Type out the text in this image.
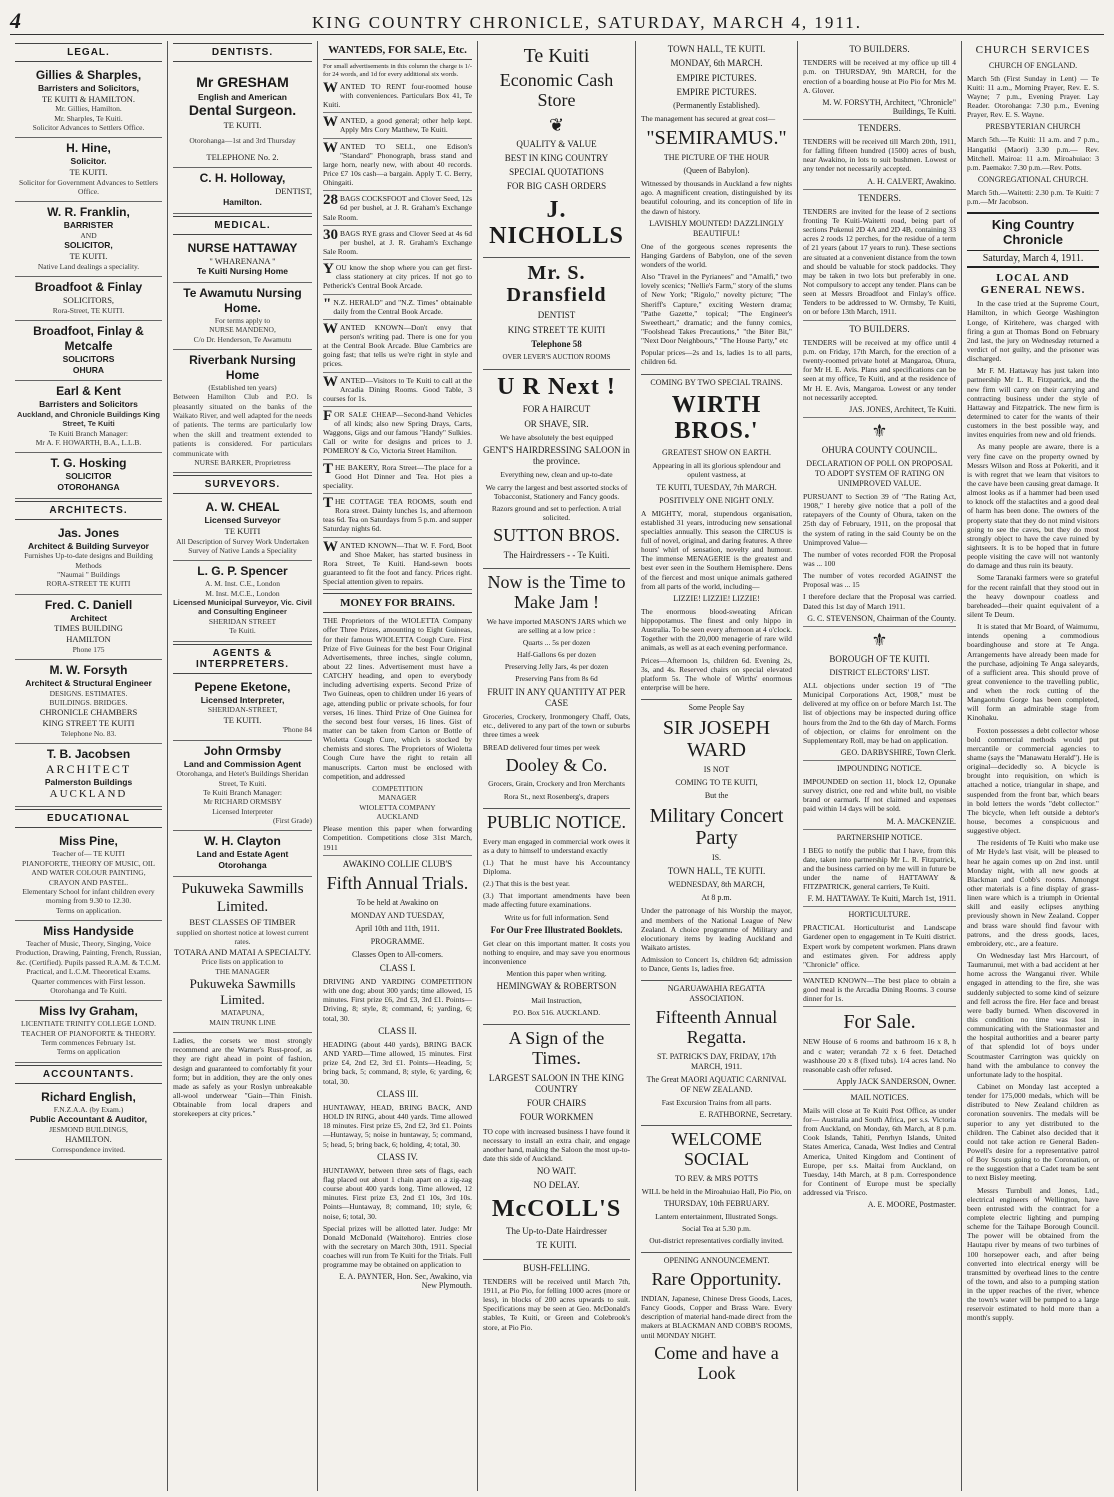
4	KING COUNTRY CHRONICLE, SATURDAY, MARCH 4, 1911.
LEGAL.
Gillies & Sharples,
Barristers and Solicitors,
TE KUITI & HAMILTON.
Mr. Gillies, Hamilton.
Mr. Sharples, Te Kuiti.
Solicitor Advances to Settlers Office.
H. Hine,
Solicitor.
TE KUITI.
Solicitor for Government Advances to Settlers Office.
W. R. Franklin,
BARRISTER
AND
SOLICITOR,
TE KUITI.
Native Land dealings a speciality.
Broadfoot & Finlay
SOLICITORS,
Rora-Street, TE KUITI.
Broadfoot, Finlay & Metcalfe
SOLICITORS
OHURA
Earl & Kent
Barristers and Solicitors
Auckland, and Chronicle Buildings King Street, Te Kuiti
Te Kuiti Branch Manager:
Mr A. F. HOWARTH, B.A., L.L.B.
T. G. Hosking
SOLICITOR
OTOROHANGA
ARCHITECTS.
Jas. Jones
Architect & Building Surveyor
Furnishes Up-to-date designs and Building Methods
"Naumai " Buildings
RORA-STREET TE KUITI
Fred. C. Daniell
Architect
TIMES BUILDING
HAMILTON
Phone 175
M. W. Forsyth
Architect & Structural Engineer
DESIGNS. ESTIMATES.
BUILDINGS. BRIDGES.
CHRONICLE CHAMBERS
KING STREET TE KUITI
Telephone No. 83.
T. B. Jacobsen
ARCHITECT
Palmerston Buildings
AUCKLAND
EDUCATIONAL
Miss Pine,
Teacher of— TE KUITI
PIANOFORTE, THEORY OF MUSIC, OIL AND WATER COLOUR PAINTING, CRAYON AND PASTEL.
Elementary School for infant children every morning from 9.30 to 12.30.
Terms on application.
Miss Handyside
Teacher of Music, Theory, Singing, Voice Production, Drawing, Painting, French, Russian, &c. (Certified). Pupils passed R.A.M. & T.C.M. Practical, and L.C.M. Theoretical Exams. Quarter commences with First lesson. Otorohanga and Te Kuiti.
Miss Ivy Graham,
LICENTIATE TRINITY COLLEGE LOND.
TEACHER OF PIANOFORTE & THEORY.
Term commences February 1st.
Terms on application
ACCOUNTANTS.
Richard English,
F.N.Z.A.A. (by Exam.)
Public Accountant & Auditor,
JESMOND BUILDINGS,
HAMILTON.
Correspondence invited.
DENTISTS.
Mr GRESHAM
English and American
Dental Surgeon.
TE KUITI.
Otorohanga—1st and 3rd Thursday
TELEPHONE No. 2.
C. H. Holloway,
DENTIST,
Hamilton.
MEDICAL.
NURSE HATTAWAY
" WHARENANA "
Te Kuiti Nursing Home
Te Awamutu Nursing Home.
For terms apply to
NURSE MANDENO,
C/o Dr. Henderson, Te Awamutu
Riverbank Nursing Home
(Established ten years)
Between Hamilton Club and P.O. Is pleasantly situated on the banks of the Waikato River, and well adapted for the needs of patients. The terms are particularly low when the skill and treatment extended to patients is considered. For particulars communicate with
NURSE BARKER, Proprietress
SURVEYORS.
A. W. CHEAL
Licensed Surveyor
TE KUITI
All Description of Survey Work Undertaken
Survey of Native Lands a Speciality
L. G. P. Spencer
A. M. Inst. C.E., London
M. Inst. M.C.E., London
Licensed Municipal Surveyor, Vic. Civil and Consulting Engineer
SHERIDAN STREET
Te Kuiti.
AGENTS & INTERPRETERS.
Pepene Eketone,
Licensed Interpreter,
SHERIDAN-STREET,
TE KUITI.
'Phone 84
John Ormsby
Land and Commission Agent
Otorohanga, and Hetet's Buildings Sheridan Street, Te Kuiti.
Te Kuiti Branch Manager:
Mr RICHARD ORMSBY
Licensed Interpreter
(First Grade)
W. H. Clayton
Land and Estate Agent
Otorohanga
Pukuweka Sawmills Limited.
BEST CLASSES OF TIMBER
supplied on shortest notice at lowest current rates.
TOTARA AND MATAI A SPECIALTY.
Price lists on application to
THE MANAGER
Pukuweka Sawmills Limited.
MATAPUNA,
MAIN TRUNK LINE
Ladies, the corsets we most strongly recommend are the Warner's Rust-proof, as they are right ahead in point of fashion, design and guaranteed to comfortably fit your form; but in addition, they are the only ones made as safely as your Roslyn unbreakable all-wool underwear "Gain—Thin Finish. Obtainable from local drapers and storekeepers at city prices."
WANTEDS, FOR SALE, Etc.
For small advertisements in this column the charge is 1/- for 24 words, and 1d for every additional six words.
WANTED TO RENT four-roomed house with conveniences. Particulars Box 41, Te Kuiti.
WANTED, a good general; other help kept. Apply Mrs Cory Matthew, Te Kuiti.
WANTED TO SELL, one Edison's "Standard" Phonograph, brass stand and large horn, nearly new, with about 40 records. Price £7 10s cash—a bargain. Apply T. C. Berry, Ohingaiti.
28 BAGS COCKSFOOT and Clover Seed, 12s 6d per bushel, at J. R. Graham's Exchange Sale Room.
30 BAGS RYE grass and Clover Seed at 4s 6d per bushel, at J. R. Graham's Exchange Sale Room.
YOU know the shop where you can get first-class stationery at city prices. If not go to Petherick's Central Book Arcade.
" N.Z. HERALD" and "N.Z. Times" obtainable daily from the Central Book Arcade.
WANTED KNOWN—Don't envy that person's writing pad. There is one for you at the Central Book Arcade. Blue Cambrics are going fast; that tells us we're right in style and prices.
WANTED—Visitors to Te Kuiti to call at the Arcadia Dining Rooms. Good Table, 3 courses for 1s.
FOR SALE CHEAP—Second-hand Vehicles of all kinds; also new Spring Drays, Carts, Waggons, Gigs and our famous "Handy" Sulkies. Call or write for designs and prices to J. POMEROY & Co, Victoria Street Hamilton.
THE BAKERY, Rora Street—The place for a Good Hot Dinner and Tea. Hot pies a speciality.
THE COTTAGE TEA ROOMS, south end Rora street. Dainty lunches 1s, and afternoon teas 6d. Tea on Saturdays from 5 p.m. and supper Saturday nights 6d.
WANTED KNOWN—That W. F. Ford, Boot and Shoe Maker, has started business in Rora Street, Te Kuiti. Hand-sewn boots guaranteed to fit the foot and fancy. Prices right. Special attention given to repairs.
MONEY FOR BRAINS.
THE Proprietors of the WIOLETTA Company offer Three Prizes, amounting to Eight Guineas, for their famous WIOLETTA Cough Cure. First Prize of Five Guineas for the best Four Original Advertisements, three inches, single column, about 22 lines. Advertisement must have a CATCHY heading, and open to everybody including advertising experts. Second Prize of Two Guineas, open to children under 16 years of age, attending public or private schools, for four verses, 16 lines. Third Prize of One Guinea for the second best four verses, 16 lines. Gist of matter can be taken from Carton or Bottle of Wioletta Cough Cure, which is stocked by chemists and stores. The Proprietors of Wioletta Cough Cure have the right to retain all manuscripts. Carton must be enclosed with competition, and addressed
COMPETITION
MANAGER
WIOLETTA COMPANY
AUCKLAND
Please mention this paper when forwarding Competition. Competitions close 31st March, 1911
AWAKINO COLLIE CLUB'S
Fifth Annual Trials.
To be held at Awakino on
MONDAY AND TUESDAY,
April 10th and 11th, 1911.
PROGRAMME.
Classes Open to All-comers.
CLASS I.
DRIVING AND YARDING COMPETITION with one dog; about 300 yards; time allowed, 15 minutes. First prize £6, 2nd £3, 3rd £1. Points—Driving, 8; style, 8; command, 6; yarding, 6; total, 30.
CLASS II.
HEADING (about 440 yards), BRING BACK AND YARD—Time allowed, 15 minutes. First prize £4, 2nd £2, 3rd £1. Points—Heading, 5; bring back, 5; command, 8; style, 6; yarding, 6; total, 30.
CLASS III.
HUNTAWAY, HEAD, BRING BACK, AND HOLD IN RING, about 440 yards. Time allowed 18 minutes. First prize £5, 2nd £2, 3rd £1. Points—Huntaway, 5; noise in huntaway, 5; command, 5; head, 5; bring back, 6; holding, 4; total, 30.
CLASS IV.
HUNTAWAY, between three sets of flags, each flag placed out about 1 chain apart on a zig-zag course about 400 yards long. Time allowed, 12 minutes. First prize £3, 2nd £1 10s, 3rd 10s. Points—Huntaway, 8; command, 10; style, 6; noise, 6; total, 30.
Special prizes will be allotted later. Judge: Mr Donald McDonald (Waitehoro). Entries close with the secretary on March 30th, 1911. Special coaches will run from Te Kuiti for the Trials. Full programme may be obtained on application to
E. A. PAYNTER, Hon. Sec, Awakino, via New Plymouth.
Te Kuiti
Economic Cash Store
❦
QUALITY & VALUE
BEST IN KING COUNTRY
SPECIAL QUOTATIONS
FOR BIG CASH ORDERS
J. NICHOLLS
Mr. S. Dransfield
DENTIST
KING STREET TE KUITI
Telephone 58
OVER LEVER'S AUCTION ROOMS
U R Next !
FOR A HAIRCUT
OR SHAVE, SIR.
We have absolutely the best equipped
GENT'S HAIRDRESSING SALOON in the province.
Everything new, clean and up-to-date
We carry the largest and best assorted stocks of Tobacconist, Stationery and Fancy goods.
Razors ground and set to perfection. A trial solicited.
SUTTON BROS.
The Hairdressers - - Te Kuiti.
Now is the Time to Make Jam !
We have imported MASON'S JARS which we are selling at a low price :
Quarts ... 5s per dozen
Half-Gallons 6s per dozen
Preserving Jelly Jars, 4s per dozen
Preserving Pans from 8s 6d
FRUIT IN ANY QUANTITY AT PER CASE
Groceries, Crockery, Ironmongery Chaff, Oats, etc., delivered to any part of the town or suburbs three times a week
BREAD delivered four times per week
Dooley & Co.
Grocers, Grain, Crockery and Iron Merchants
Rora St., next Rosenberg's, drapers
PUBLIC NOTICE.
Every man engaged in commercial work owes it as a duty to himself to understand exactly
(1.) That he must have his Accountancy Diploma.
(2.) That this is the best year.
(3.) That important amendments have been made affecting future examinations.
Write us for full information. Send
For Our Free Illustrated Booklets.
Get clear on this important matter. It costs you nothing to enquire, and may save you enormous inconvenience
Mention this paper when writing.
HEMINGWAY & ROBERTSON
Mail Instruction,
P.O. Box 516. AUCKLAND.
A Sign of the Times.
LARGEST SALOON IN THE KING COUNTRY
FOUR CHAIRS
FOUR WORKMEN
TO cope with increased business I have found it necessary to install an extra chair, and engage another hand, making the Saloon the most up-to-date this side of Auckland.
NO WAIT.
NO DELAY.
McCOLL'S
The Up-to-Date Hairdresser
TE KUITI.
BUSH-FELLING.
TENDERS will be received until March 7th, 1911, at Pio Pio, for felling 1000 acres (more or less), in blocks of 200 acres upwards to suit. Specifications may be seen at Geo. McDonald's stables, Te Kuiti, or Green and Colebrook's store, at Pio Pio.
TOWN HALL, TE KUITI.
MONDAY, 6th MARCH.
EMPIRE PICTURES.
EMPIRE PICTURES.
(Permanently Established).
The management has secured at great cost—
"SEMIRAMUS."
THE PICTURE OF THE HOUR
(Queen of Babylon).
Witnessed by thousands in Auckland a few nights ago. A magnificent creation, distinguished by its beautiful colouring, and its conception of life in the dawn of history.
LAVISHLY MOUNTED! DAZZLINGLY BEAUTIFUL!
One of the gorgeous scenes represents the Hanging Gardens of Babylon, one of the seven wonders of the world.
Also "Travel in the Pyrianees" and "Amalfi," two lovely scenics; "Nellie's Farm," story of the slums of New York; "Rigolo," novelty picture; "The Sheriff's Capture," exciting Western drama; "Pathe Gazette," topical; "The Engineer's Sweetheart," dramatic; and the funny comics, "Foolshead Takes Precautions," "the Biter Bit," "Next Door Neighbours," "The House Party," etc
Popular prices—2s and 1s, ladies 1s to all parts, children 6d.
COMING BY TWO SPECIAL TRAINS.
WIRTH BROS.'
GREATEST SHOW ON EARTH.
Appearing in all its glorious splendour and opulent vastness, at
TE KUITI, TUESDAY, 7th MARCH.
POSITIVELY ONE NIGHT ONLY.
A MIGHTY, moral, stupendous organisation, established 31 years, introducing new sensational specialties annually. This season the CIRCUS is full of novel, original, and daring features. A three hours' whirl of sensation, novelty and humour. The immense MENAGERIE is the greatest and best ever seen in the Southern Hemisphere. Dens of the fiercest and most unique animals gathered from all parts of the world, including—
LIZZIE! LIZZIE! LIZZIE!
The enormous blood-sweating African hippopotamus. The finest and only hippo in Australia. To be seen every afternoon at 4 o'clock. Together with the 20,000 menagerie of rare wild animals, as well as at each evening performance.
Prices—Afternoon 1s, children 6d. Evening 2s, 3s, and 4s. Reserved chairs on special elevated platform 5s. The whole of Wirths' enormous enterprise will be here.
Some People Say
SIR JOSEPH WARD
IS NOT
COMING TO TE KUITI,
But the
Military Concert Party
IS.
TOWN HALL, TE KUITI.
WEDNESDAY, 8th MARCH,
At 8 p.m.
Under the patronage of his Worship the mayor, and members of the National League of New Zealand. A choice programme of Military and elocutionary items by leading Auckland and Waikato artistes.
Admission to Concert 1s, children 6d; admission to Dance, Gents 1s, ladies free.
NGARUAWAHIA REGATTA ASSOCIATION.
Fifteenth Annual Regatta.
ST. PATRICK'S DAY, FRIDAY, 17th MARCH, 1911.
The Great MAORI AQUATIC CARNIVAL OF NEW ZEALAND.
Fast Excursion Trains from all parts.
E. RATHBORNE, Secretary.
WELCOME SOCIAL
TO REV. & MRS POTTS
WILL be held in the Miroahuiao Hall, Pio Pio, on
THURSDAY, 10th FEBRUARY.
Lantern entertainment, Illustrated Songs.
Social Tea at 5.30 p.m.
Out-district representatives cordially invited.
OPENING ANNOUNCEMENT.
Rare Opportunity.
INDIAN, Japanese, Chinese Dress Goods, Laces, Fancy Goods, Copper and Brass Ware. Every description of material hand-made direct from the makers at BLACKMAN AND COBB'S ROOMS, until MONDAY NIGHT.
Come and have a Look
TO BUILDERS.
TENDERS will be received at my office up till 4 p.m. on THURSDAY, 9th MARCH, for the erection of a boarding house at Pio Pio for Mrs M. A. Glover.
M. W. FORSYTH, Architect, "Chronicle" Buildings, Te Kuiti.
TENDERS.
TENDERS will be received till March 20th, 1911, for falling fifteen hundred (1500) acres of bush, near Awakino, in lots to suit bushmen. Lowest or any tender not necessarily accepted.
A. H. CALVERT, Awakino.
TENDERS.
TENDERS are invited for the lease of 2 sections fronting Te Kuiti-Waitetti road, being part of sections Pukenui 2D 4A and 2D 4B, containing 33 acres 2 roods 12 perches, for the residue of a term of 21 years (about 17 years to run). These sections are situated at a convenient distance from the town and should be valuable for stock paddocks. They may be taken in two lots but preferably in one. Not compulsory to accept any tender. Plans can be seen at Messrs Broadfoot and Finlay's office. Tenders to be addressed to W. Ormsby, Te Kuiti, on or before 13th March, 1911.
TO BUILDERS.
TENDERS will be received at my office until 4 p.m. on Friday, 17th March, for the erection of a twenty-roomed private hotel at Mangaroa, Ohura, for Mr H. E. Avis. Plans and specifications can be seen at my office, Te Kuiti, and at the residence of Mr H. E. Avis, Mangaroa. Lowest or any tender not necessarily accepted.
JAS. JONES, Architect, Te Kuiti.
⚜
OHURA COUNTY COUNCIL.
DECLARATION OF POLL ON PROPOSAL TO ADOPT SYSTEM OF RATING ON UNIMPROVED VALUE.
PURSUANT to Section 39 of "The Rating Act, 1908," I hereby give notice that a poll of the ratepayers of the County of Ohura, taken on the 25th day of February, 1911, on the proposal that the system of rating in the said County be on the Unimproved Value—
The number of votes recorded FOR the Proposal was ... 100
The number of votes recorded AGAINST the Proposal was ... 15
I therefore declare that the Proposal was carried. Dated this 1st day of March 1911.
G. C. STEVENSON, Chairman of the County.
⚜
BOROUGH OF TE KUITI.
DISTRICT ELECTORS' LIST.
ALL objections under section 19 of "The Municipal Corporations Act, 1908," must be delivered at my office on or before March 1st. The list of objections may be inspected during office hours from the 2nd to the 6th day of March. Forms of objection, or claims for enrolment on the Supplementary Roll, may be had on application.
GEO. DARBYSHIRE, Town Clerk.
IMPOUNDING NOTICE.
IMPOUNDED on section 11, block 12, Opunake survey district, one red and white bull, no visible brand or earmark. If not claimed and expenses paid within 14 days will be sold.
M. A. MACKENZIE.
PARTNERSHIP NOTICE.
I BEG to notify the public that I have, from this date, taken into partnership Mr L. R. Fitzpatrick, and the business carried on by me will in future be under the name of HATTAWAY & FITZPATRICK, general carriers, Te Kuiti.
F. M. HATTAWAY. Te Kuiti, March 1st, 1911.
HORTICULTURE.
PRACTICAL Horticulturist and Landscape Gardener open to engagement in Te Kuiti district. Expert work by competent workmen. Plans drawn and estimates given. For address apply "Chronicle" office.
WANTED KNOWN—The best place to obtain a good meal is the Arcadia Dining Rooms. 3 course dinner for 1s.
For Sale.
NEW House of 6 rooms and bathroom 16 x 8, h and c water; verandah 72 x 6 feet. Detached washhouse 20 x 8 (fixed tubs). 1/4 acres land. No reasonable cash offer refused.
Apply JACK SANDERSON, Owner.
MAIL NOTICES.
Mails will close at Te Kuiti Post Office, as under for— Australia and South Africa, per s.s. Victoria from Auckland, on Monday, 6th March, at 8 p.m. Cook Islands, Tahiti, Penrhyn Islands, United States America, Canada, West Indies and Central America, United Kingdom and Continent of Europe, per s.s. Maitai from Auckland, on Tuesday, 14th March, at 8 p.m. Correspondence for Continent of Europe must be specially addressed via 'Frisco.
A. E. MOORE, Postmaster.
CHURCH SERVICES
CHURCH OF ENGLAND.
March 5th (First Sunday in Lent) — Te Kuiti: 11 a.m., Morning Prayer, Rev. E. S. Wayne; 7 p.m., Evening Prayer. Lay Reader. Otorohanga: 7.30 p.m., Evening Prayer, Rev. E. S. Wayne.
PRESBYTERIAN CHURCH
March 5th.—Te Kuiti: 11 a.m. and 7 p.m., Hangatiki (Maori) 3.30 p.m.— Rev. Mitchell. Mairoa: 11 a.m. Miroahuiao: 3 p.m. Paemako: 7.30 p.m.—Rev. Potts.
CONGREGATIONAL CHURCH.
March 5th.—Waitetti: 2.30 p.m. Te Kuiti: 7 p.m.—Mr Jacobson.
King Country Chronicle
Saturday, March 4, 1911.
LOCAL AND GENERAL NEWS.
In the case tried at the Supreme Court, Hamilton, in which George Washington Longe, of Kiritehere, was charged with firing a gun at Thomas Bond on February 2nd last, the jury on Wednesday returned a verdict of not guilty, and the prisoner was discharged.
Mr F. M. Hattaway has just taken into partnership Mr L. R. Fitzpatrick, and the new firm will carry on their carrying and contracting business under the style of Hattaway and Fitzpatrick. The new firm is determined to cater for the wants of their customers in the best possible way, and invites enquiries from new and old friends.
As many people are aware, there is a very fine cave on the property owned by Messrs Wilson and Ross at Pokeriti, and it is with regret that we learn that visitors to the cave have been causing great damage. It almost looks as if a hammer had been used to knock off the stalactites and a good deal of harm has been done. The owners of the property state that they do not mind visitors going to see the caves, but they do most strongly object to have the cave ruined by sightseers. It is to be hoped that in future people visiting the cave will not wantonly do damage and thus ruin its beauty.
Some Taranaki farmers were so grateful for the recent rainfall that they stood out in the heavy downpour coatless and bareheaded—their quaint equivalent of a silent Te Deum.
It is stated that Mr Board, of Waimumu, intends opening a commodious boardinghouse and store at Te Anga. Arrangements have already been made for the purchase, adjoining Te Anga saleyards, of a sufficient area. This should prove of great convenience to the travelling public, and when the rock cutting of the Mangaotuhu Gorge has been completed, will form an admirable stage from Kinohaku.
Foxton possesses a debt collector whose bold commercial methods would put mercantile or commercial agencies to shame (says the "Manawatu Herald"). He is original—decidedly so. A bicycle is brought into requisition, on which is attached a notice, triangular in shape, and suspended from the front bar, which bears in bold letters the words "debt collector." The bicycle, when left outside a debtor's house, becomes a conspicuous and suggestive object.
The residents of Te Kuiti who make use of Mr Hyde's last visit, will be pleased to hear he again comes up on 2nd inst. until Monday night, with all new goods at Blackman and Cobb's rooms. Amongst other materials is a fine display of grass-linen ware which is a triumph in Oriental skill and easily eclipses anything previously shown in New Zealand. Copper and brass ware should find favour with patrons, and the dress goods, laces, embroidery, etc., are a feature.
On Wednesday last Mrs Harcourt, of Taumarunui, met with a bad accident at her home across the Wanganui river. While engaged in attending to the fire, she was suddenly subjected to some kind of seizure and fell across the fire. Her face and breast were badly burned. When discovered in this condition no time was lost in communicating with the Stationmaster and the hospital authorities and a bearer party of that splendid lot of boys under Scoutmaster Carrington was quickly on hand with the ambulance to convey the unfortunate lady to the hospital.
Cabinet on Monday last accepted a tender for 175,000 medals, which will be distributed to New Zealand children as coronation souvenirs. The medals will be superior to any yet distributed to the children. The Cabinet also decided that it could not take action re General Baden-Powell's desire for a representative patrol of Boy Scouts going to the Coronation, or re the suggestion that a Cadet team be sent to next Bisley meeting.
Messrs Turnbull and Jones, Ltd., electrical engineers of Wellington, have been entrusted with the contract for a complete electric lighting and pumping scheme for the Taihape Borough Council. The power will be obtained from the Hautapu river by means of two turbines of 100 horsepower each, and after being converted into electrical energy will be transmitted by overhead lines to the centre of the town, and also to a pumping station in the upper reaches of the river, whence the town's water will be pumped to a large reservoir estimated to hold more than a month's supply.
